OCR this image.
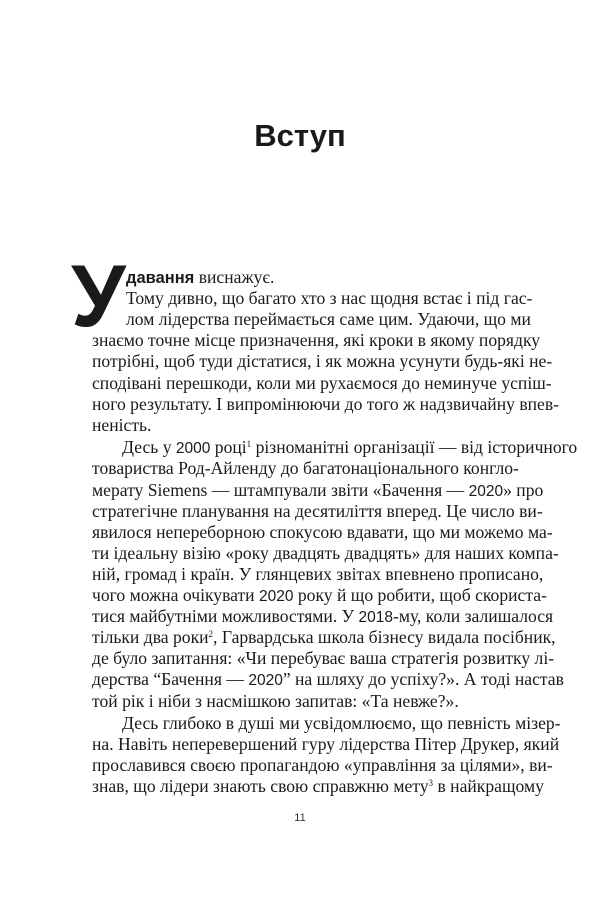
Вступ
У давання виснажує.
Тому дивно, що багато хто з нас щодня встає і під гас-
лом лідерства переймається саме цим. Удаючи, що ми
знаємо точне місце призначення, які кроки в якому порядку
потрібні, щоб туди дістатися, і як можна усунути будь-які не-
сподівані перешкоди, коли ми рухаємося до неминуче успіш-
ного результату. І випромінюючи до того ж надзвичайну впев-
неність.
Десь у 2000 році$^1$ різноманітні організації — від історичного
товариства Род-Айленду до багатонаціонального конгло-
мерату Siemens — штампували звіти «Бачення — 2020» про
стратегічне планування на десятиліття вперед. Це число ви-
явилося непереборною спокусою вдавати, що ми можемо ма-
ти ідеальну візію «року двадцять двадцять» для наших компа-
ній, громад і країн. У глянцевих звітах впевнено прописано,
чого можна очікувати 2020 року й що робити, щоб скориста-
тися майбутніми можливостями. У 2018-му, коли залишалося
тільки два роки$^2$, Гарвардська школа бізнесу видала посібник,
де було запитання: «Чи перебуває ваша стратегія розвитку лі-
дерства “Бачення — 2020” на шляху до успіху?». А тоді настав
той рік і ніби з насмішкою запитав: «Та невже?».
Десь глибоко в душі ми усвідомлюємо, що певність мізер-
на. Навіть неперевершений гуру лідерства Пітер Друкер, який
прославився своєю пропагандою «управління за цілями», ви-
знав, що лідери знають свою справжню мету$^3$ в найкращому
11
